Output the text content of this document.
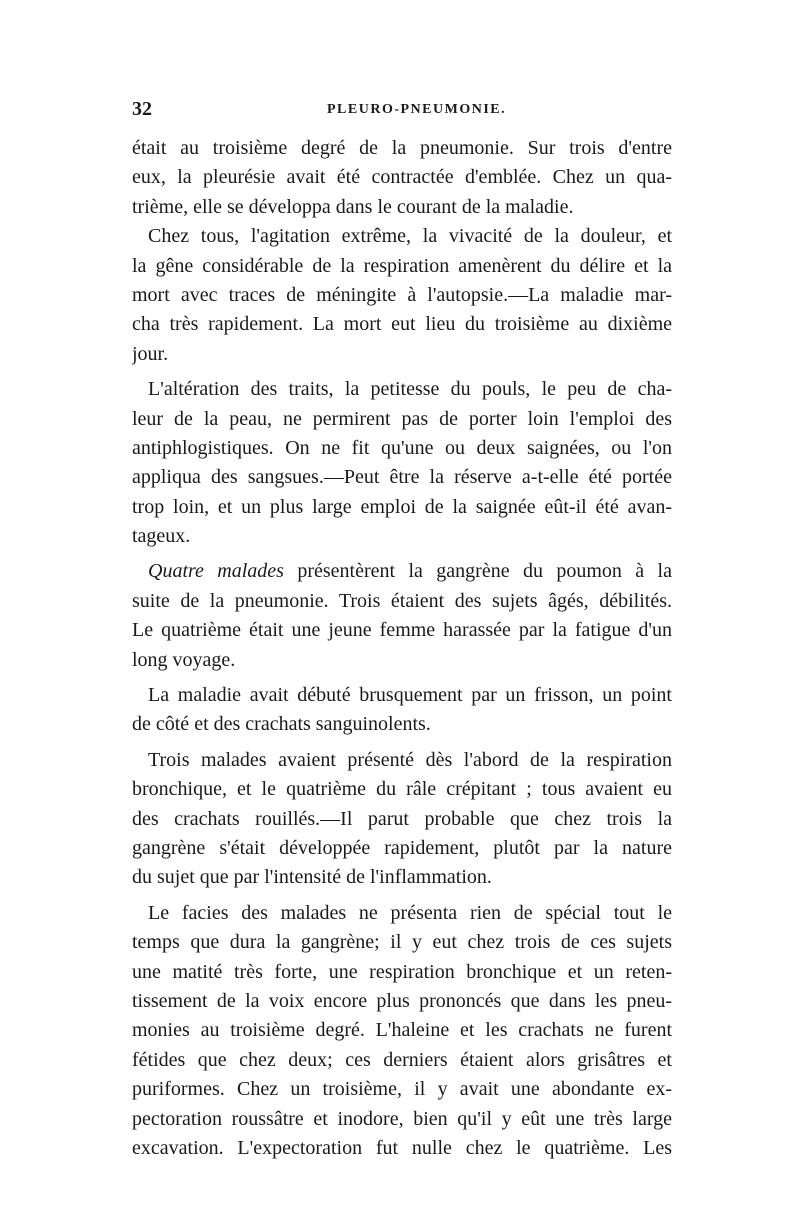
32	PLEURO-PNEUMONIE.
était au troisième degré de la pneumonie. Sur trois d'entre
eux, la pleurésie avait été contractée d'emblée. Chez un qua-
trième, elle se développa dans le courant de la maladie.
Chez tous, l'agitation extrême, la vivacité de la douleur, et
la gêne considérable de la respiration amenèrent du délire et la
mort avec traces de méningite à l'autopsie.—La maladie mar-
cha très rapidement. La mort eut lieu du troisième au dixième
jour.
L'altération des traits, la petitesse du pouls, le peu de cha-
leur de la peau, ne permirent pas de porter loin l'emploi des
antiphlogistiques. On ne fit qu'une ou deux saignées, ou l'on
appliqua des sangsues.—Peut être la réserve a-t-elle été portée
trop loin, et un plus large emploi de la saignée eût-il été avan-
tageux.
Quatre malades présentèrent la gangrène du poumon à la
suite de la pneumonie. Trois étaient des sujets âgés, débilités.
Le quatrième était une jeune femme harassée par la fatigue d'un
long voyage.
La maladie avait débuté brusquement par un frisson, un point
de côté et des crachats sanguinolents.
Trois malades avaient présenté dès l'abord de la respiration
bronchique, et le quatrième du râle crépitant ; tous avaient eu
des crachats rouillés.—Il parut probable que chez trois la
gangrène s'était développée rapidement, plutôt par la nature
du sujet que par l'intensité de l'inflammation.
Le facies des malades ne présenta rien de spécial tout le
temps que dura la gangrène; il y eut chez trois de ces sujets
une matité très forte, une respiration bronchique et un reten-
tissement de la voix encore plus prononcés que dans les pneu-
monies au troisième degré. L'haleine et les crachats ne furent
fétides que chez deux; ces derniers étaient alors grisâtres et
puriformes. Chez un troisième, il y avait une abondante ex-
pectoration roussâtre et inodore, bien qu'il y eût une très large
excavation. L'expectoration fut nulle chez le quatrième. Les
